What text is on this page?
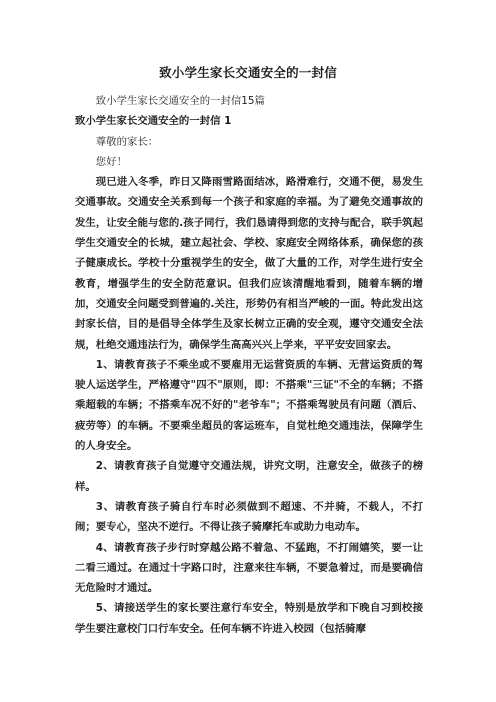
致小学生家长交通安全的一封信

致小学生家长交通安全的一封信15篇

致小学生家长交通安全的一封信 1

尊敬的家长：

您好！

现已进入冬季，昨日又降雨雪路面结冰，路滑难行，交通不便，易发生交通事故。交通安全关系到每一个孩子和家庭的幸福。为了避免交通事故的发生，让安全能与您的.孩子同行，我们恳请得到您的支持与配合，联手筑起学生交通安全的长城，建立起社会、学校、家庭安全网络体系，确保您的孩子健康成长。学校十分重视学生的安全，做了大量的工作，对学生进行安全教育，增强学生的安全防范意识。但我们应该清醒地看到，随着车辆的增加，交通安全问题受到普遍的.关注，形势仍有相当严峻的一面。特此发出这封家长信，目的是倡导全体学生及家长树立正确的安全观，遵守交通安全法规，杜绝交通违法行为，确保学生高高兴兴上学来，平平安安回家去。

1、请教育孩子不乘坐或不要雇用无运营资质的车辆、无营运资质的驾驶人运送学生，严格遵守"四不"原则，即：不搭乘"三证"不全的车辆；不搭乘超载的车辆；不搭乘车况不好的"老爷车"；不搭乘驾驶员有问题（酒后、疲劳等）的车辆。不要乘坐超员的客运班车，自觉杜绝交通违法，保障学生的人身安全。

2、请教育孩子自觉遵守交通法规，讲究文明，注意安全，做孩子的榜样。

3、请教育孩子骑自行车时必须做到不超速、不并骑，不载人，不打闹；要专心，坚决不逆行。不得让孩子骑摩托车或助力电动车。

4、请教育孩子步行时穿越公路不着急、不猛跑，不打闹嬉笑，要一让二看三通过。在通过十字路口时，注意来往车辆，不要急着过，而是要确信无危险时才通过。

5、请接送学生的家长要注意行车安全，特别是放学和下晚自习到校接学生要注意校门口行车安全。任何车辆不许进入校园（包括骑摩
